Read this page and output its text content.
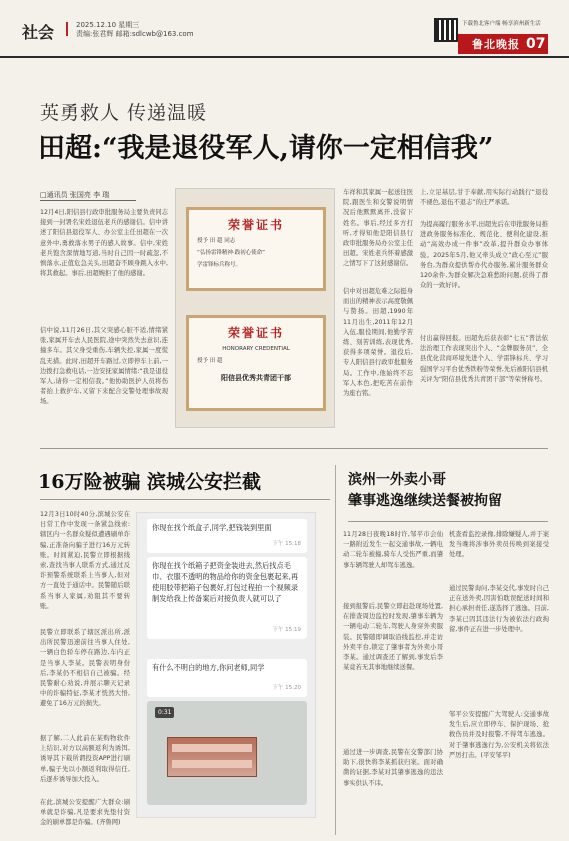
社会	2025.12.10 星期三
责编:张君辉 邮箱:sdlcwb@163.com
下载鲁北客户端 畅享滨州新生活
鲁北晚报 07
英勇救人 传递温暖
田超:“我是退役军人,请你一定相信我”
□通讯员 张国亮 李 瑞
12月4日,阳信县行政审批服务局主要负责同志接到一封署名宋姓退伍老兵的感谢信。信中讲述了阳信县退役军人、办公室主任田超在一次意外中,勇救落水男子的感人故事。信中,宋姓老兵饱含深情地写道,当时自己因一时疏忽,不慎落水,正值危急关头,田超奋不顾身跳入水中,将其救起。事后,田超婉拒了他的感谢。
信中说,11月26日,其父突感心脏不适,情绪紧张,家属开车去人民医院,途中突然失去意识,连撞多车。其父身受重伤,车辆失控,家属一度慌乱无措。此时,田超开车路过,立即停车上前,一边拨打急救电话,一边安抚家属情绪:“我是退役军人,请你一定相信我。”他协助医护人员将伤者抬上救护车,又留下来配合交警处理事故现场。
荣誉证书
授予 田 超 同志
“弘扬雷锋精神·践初心使命”
学雷锋标兵称号。
荣誉证书
HONORARY CREDENTIAL
授予 田 超
阳信县优秀共青团干部
车祥和其家属一起送往医院,跟医生和交警说明情况后他默默离开,没留下姓名。事后,经过多方打听,才得知他是阳信县行政审批服务局办公室主任田超。宋姓老兵怀着感激之情写下了这封感谢信。
信中对田超危难之际挺身而出的精神表示高度敬佩与赞扬。田超,1990年11月出生,2011年12月入伍,服役期间,他勤学苦练、刻苦训练,表现优秀,获得多项荣誉。退役后,专人阳信县行政审批服务局。工作中,他始终不忘军人本色,把吃苦在前作为座右铭。
上,立足基层,甘于奉献,用实际行动践行“退役不褪色,退伍不退志”的庄严承诺。
为提高履行服务水平,田超先后在审批服务局推进政务服务标准化、规范化、便利化建设,推动“高效办成一件事”改革,提升群众办事体验。2025年5月,他又牵头成立“政心至元”服务台,为群众提供帮办代办服务,累计服务群众120余件,为群众解决急难愁盼问题,获得了群众的一致好评。
付出赢得回报。田超先后获表彰“七五”普法依法治理工作表现突出个人、“金牌服务员”、全县优化营商环境先进个人、学雷锋标兵、学习强国学习平台优秀铁粉等荣誉,先后被阳信县机关评为“阳信县优秀共青团干部”等荣誉称号。
16万险被骗 滨城公安拦截
12月3日10时40分,滨城公安在日常工作中发现一条紧急线索:辖区内一名群众疑似遭遇刷单诈骗,正准备向骗子进行16万元转账。时间紧迫,民警立即根据线索,查找当事人联系方式,通过反诈预警系统联系上当事人,但对方一直处于通话中。民警随后联系当事人家属,劝阻其不要转账。
民警立即联系了辖区派出所,派出所民警迅速前往当事人住处,一辆白色轿车停在路边,车内正是当事人李某。民警表明身份后,李某仍不相信自己被骗。经民警耐心劝说,并展示聊天记录中的诈骗特征,李某才恍然大悟,避免了16万元的损失。
据了解,二人此前在某购物软件上结识,对方以高额返利为诱饵,诱导其下载所谓投资APP进行刷单,骗子先以小额返利取得信任,后逐步诱导加大投入。
在此,滨城公安提醒广大群众:刷单就是诈骗,凡是要求先垫付资金的刷单都是诈骗。(齐鲁网)
你现在找个纸盒子,同学,把钱装到里面
下午 15:18
你现在找个纸箱子把资金装进去,然后找点毛巾、衣服不透明的物品给你的资金包裹起来,再使用胶带把箱子包裹好,打包过程拍一个视频录制发给我上传备案后对接负责人就可以了
下午 15:19
有什么不明白的地方,你问老师,同学
下午 15:20
0:31
滨州一外卖小哥
肇事逃逸继续送餐被拘留
11月28日夜晚18时许,邹平市会仙一路附近发生一起交通事故,一辆电动二轮车被撞,骑车人受伤严重,而肇事车辆驾驶人却驾车逃逸。
接到报警后,民警立即赶赴现场处置,在排查周边监控时发现,肇事车辆为一辆电动二轮车,驾驶人身穿外卖服装。民警随即调取沿线监控,并走访外卖平台,锁定了肇事者为外卖小哥李某。通过调查还了解到,事发后李某竟若无其事地继续送餐。
通过进一步调查,民警在交警部门协助下,很快将李某抓获归案。面对确凿的证据,李某对其肇事逃逸的违法事实供认不讳。
机查看监控录像,排除嫌疑人,并于案发当晚将涉事外卖员传唤到案接受处理。
通过民警询问,李某交代,事发时自己正在送外卖,因害怕耽误配送时间和担心承担责任,遂选择了逃逸。目前,李某已因其违法行为被依法行政拘留,事件正在进一步处理中。
邹平公安提醒广大驾驶人:交通事故发生后,应立即停车、保护现场、抢救伤员并及时报警,不得驾车逃逸。对于肇事逃逸行为,公安机关将依法严厉打击。(平安邹平)
